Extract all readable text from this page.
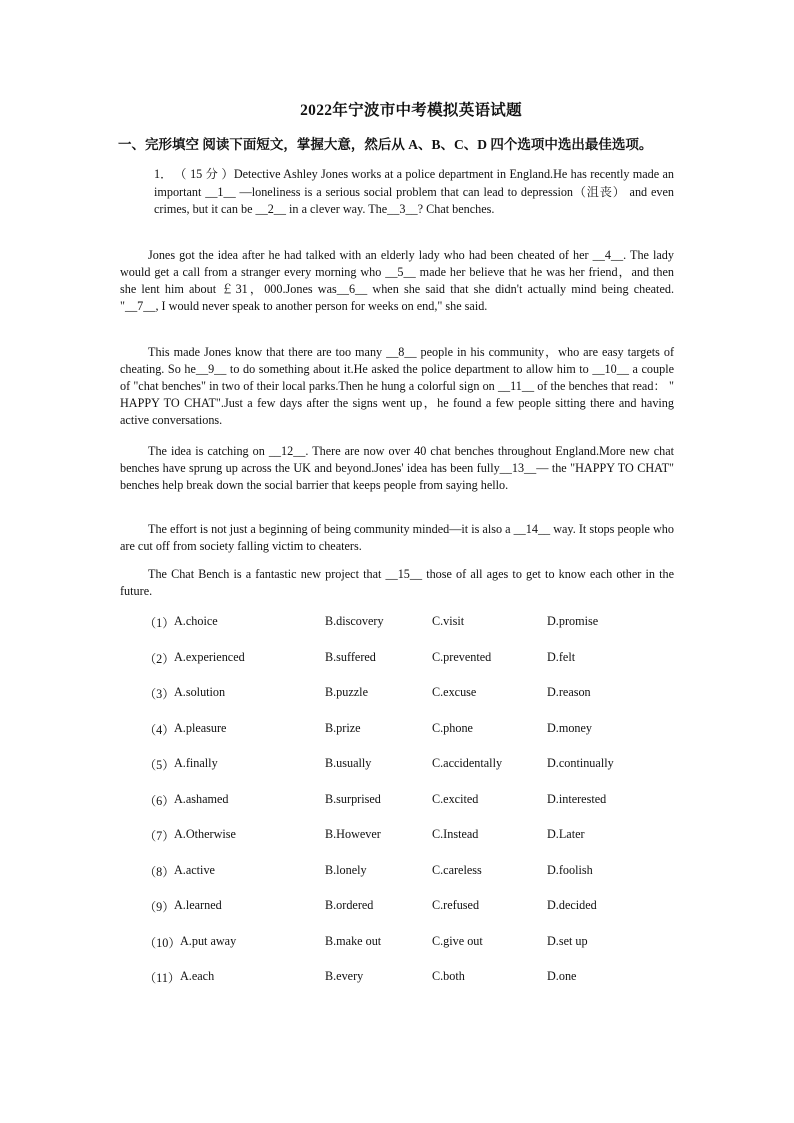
2022年宁波市中考模拟英语试题
一、完形填空 阅读下面短文，掌握大意，然后从 A、B、C、D 四个选项中选出最佳选项。
1． （ 15 分 ）Detective Ashley Jones works at a police department in England.He has recently made an important __1__ —loneliness is a serious social problem that can lead to depression（沮丧） and even crimes, but it can be __2__ in a clever way. The__3__? Chat benches.

Jones got the idea after he had talked with an elderly lady who had been cheated of her __4__. The lady would get a call from a stranger every morning who __5__ made her believe that he was her friend，and then she lent him about ￡31，000.Jones was__6__ when she said that she didn't actually mind being cheated. "__7__, I would never speak to another person for weeks on end," she said.

This made Jones know that there are too many __8__ people in his community，who are easy targets of cheating. So he__9__ to do something about it.He asked the police department to allow him to __10__ a couple of "chat benches" in two of their local parks.Then he hung a colorful sign on __11__ of the benches that read： " HAPPY TO CHAT".Just a few days after the signs went up，he found a few people sitting there and having active conversations.

The idea is catching on __12__. There are now over 40 chat benches throughout England.More new chat benches have sprung up across the UK and beyond.Jones' idea has been fully__13__— the "HAPPY TO CHAT" benches help break down the social barrier that keeps people from saying hello.

The effort is not just a beginning of being community minded—it is also a __14__ way. It stops people who are cut off from society falling victim to cheaters.

The Chat Bench is a fantastic new project that __15__ those of all ages to get to know each other in the future.

（1） A.choice	B.discovery	C.visit	D.promise
（2） A.experienced	B.suffered	C.prevented	D.felt
（3） A.solution	B.puzzle	C.excuse	D.reason
（4） A.pleasure	B.prize	C.phone	D.money
（5） A.finally	B.usually	C.accidentally	D.continually
（6） A.ashamed	B.surprised	C.excited	D.interested
（7） A.Otherwise	B.However	C.Instead	D.Later
（8） A.active	B.lonely	C.careless	D.foolish
（9） A.learned	B.ordered	C.refused	D.decided
（10） A.put away	B.make out	C.give out	D.set up
（11） A.each	B.every	C.both	D.one
